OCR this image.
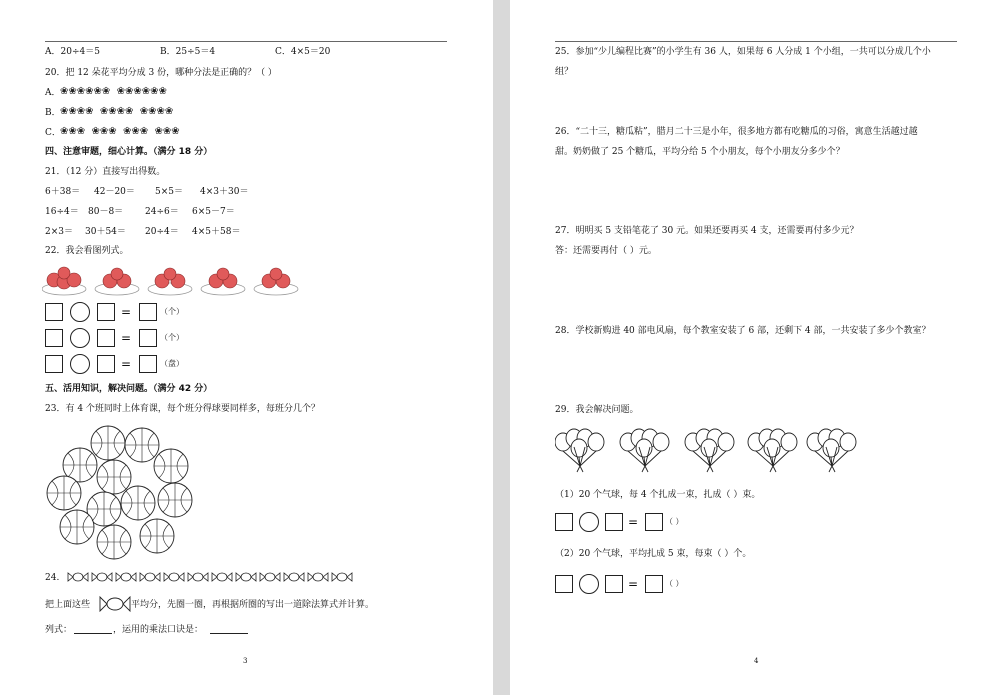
A．20÷4＝5	B．25÷5＝4	C．4×5＝20
20．把 12 朵花平均分成 3 份，哪种分法是正确的？（ ）
A． ❀❀❀❀❀❀  ❀❀❀❀❀❀
B． ❀❀❀❀  ❀❀❀❀  ❀❀❀❀
C． ❀❀❀  ❀❀❀  ❀❀❀  ❀❀❀
四、注意审题，细心计算。（满分 18 分）
21．（12 分）直接写出得数。
6＋38＝ 42－20＝ 5×5＝ 4×3＋30＝
16÷4＝ 80－8＝ 24÷6＝ 6×5－7＝
2×3＝ 30＋54＝ 20÷4＝ 4×5＋58＝
22．我会看图列式。
=	（个）
=	（个）
=	（盘）
五、活用知识，解决问题。（满分 42 分）
23．有 4 个班同时上体育课，每个班分得球要同样多，每班分几个？
24.
把上面这些	平均分，先圈一圈，再根据所圈的写出一道除法算式并计算。
列式：	，运用的乘法口诀是：
3
25．参加“少儿编程比赛”的小学生有 36 人，如果每 6 人分成 1 个小组，一共可以分成几个小
组？
26．“二十三，糖瓜粘”，腊月二十三是小年，很多地方都有吃糖瓜的习俗，寓意生活越过越
甜。奶奶做了 25 个糖瓜，平均分给 5 个小朋友，每个小朋友分多少个？
27．明明买 5 支铅笔花了 30 元。如果还要再买 4 支，还需要再付多少元？
答：还需要再付（ ）元。
28．学校新购进 40 部电风扇，每个教室安装了 6 部，还剩下 4 部，一共安装了多少个教室？
29．我会解决问题。
（1）20 个气球，每 4 个扎成一束，扎成（ ）束。
=	（ ）
（2）20 个气球，平均扎成 5 束，每束（ ）个。
=	（ ）
4
